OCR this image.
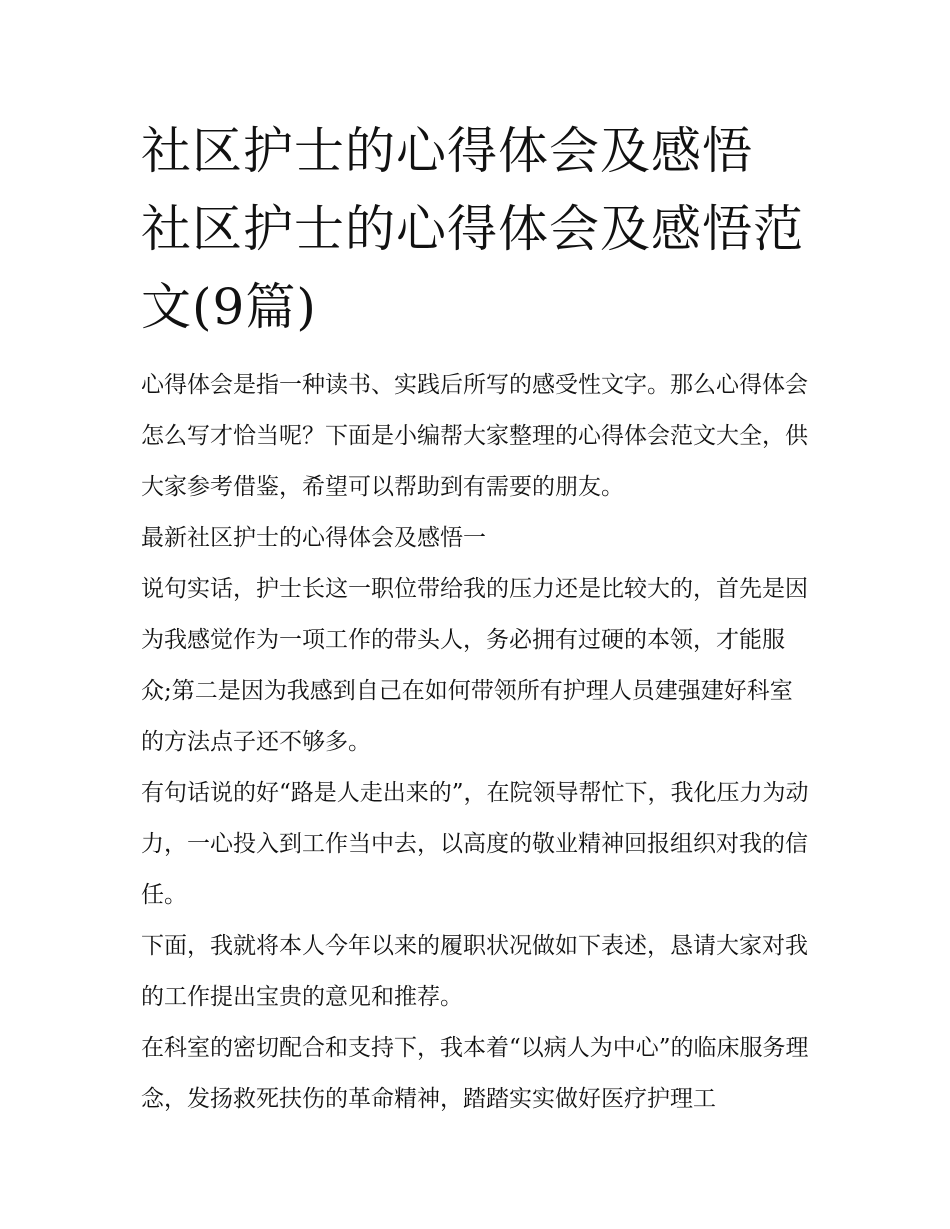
社区护士的心得体会及感悟 社区护士的心得体会及感悟范文(9篇)

心得体会是指一种读书、实践后所写的感受性文字。那么心得体会怎么写才恰当呢？下面是小编帮大家整理的心得体会范文大全，供大家参考借鉴，希望可以帮助到有需要的朋友。

最新社区护士的心得体会及感悟一

说句实话，护士长这一职位带给我的压力还是比较大的，首先是因为我感觉作为一项工作的带头人，务必拥有过硬的本领，才能服众;第二是因为我感到自己在如何带领所有护理人员建强建好科室的方法点子还不够多。

有句话说的好“路是人走出来的”，在院领导帮忙下，我化压力为动力，一心投入到工作当中去，以高度的敬业精神回报组织对我的信任。

下面，我就将本人今年以来的履职状况做如下表述，恳请大家对我的工作提出宝贵的意见和推荐。

在科室的密切配合和支持下，我本着“以病人为中心”的临床服务理念，发扬救死扶伤的革命精神，踏踏实实做好医疗护理工
